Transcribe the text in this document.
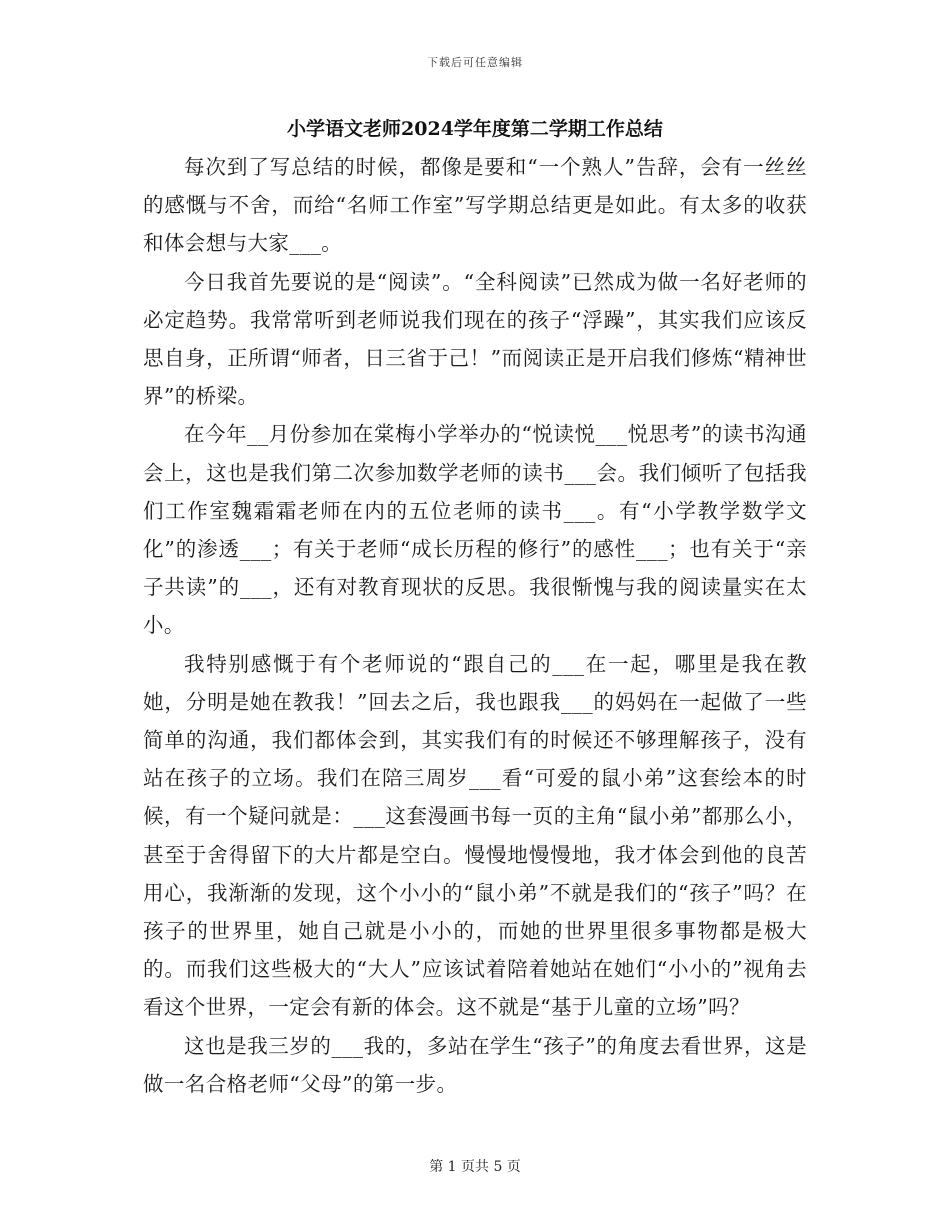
下载后可任意编辑
小学语文老师2024学年度第二学期工作总结

每次到了写总结的时候，都像是要和“一个熟人”告辞，会有一丝丝的感慨与不舍，而给“名师工作室”写学期总结更是如此。有太多的收获和体会想与大家___。

今日我首先要说的是“阅读”。“全科阅读”已然成为做一名好老师的必定趋势。我常常听到老师说我们现在的孩子“浮躁”，其实我们应该反思自身，正所谓“师者，日三省于己！”而阅读正是开启我们修炼“精神世界”的桥梁。

在今年__月份参加在棠梅小学举办的“悦读悦___悦思考”的读书沟通会上，这也是我们第二次参加数学老师的读书___会。我们倾听了包括我们工作室魏霜霜老师在内的五位老师的读书___。有“小学教学数学文化”的渗透___；有关于老师“成长历程的修行”的感性___；也有关于“亲子共读”的___，还有对教育现状的反思。我很惭愧与我的阅读量实在太小。

我特别感慨于有个老师说的“跟自己的___在一起，哪里是我在教她，分明是她在教我！”回去之后，我也跟我___的妈妈在一起做了一些简单的沟通，我们都体会到，其实我们有的时候还不够理解孩子，没有站在孩子的立场。我们在陪三周岁___看“可爱的鼠小弟”这套绘本的时候，有一个疑问就是：___这套漫画书每一页的主角“鼠小弟”都那么小，甚至于舍得留下的大片都是空白。慢慢地慢慢地，我才体会到他的良苦用心，我渐渐的发现，这个小小的“鼠小弟”不就是我们的“孩子”吗？在孩子的世界里，她自己就是小小的，而她的世界里很多事物都是极大的。而我们这些极大的“大人”应该试着陪着她站在她们“小小的”视角去看这个世界，一定会有新的体会。这不就是“基于儿童的立场”吗？

这也是我三岁的___我的，多站在学生“孩子”的角度去看世界，这是做一名合格老师“父母”的第一步。

第 1 页共 5 页
